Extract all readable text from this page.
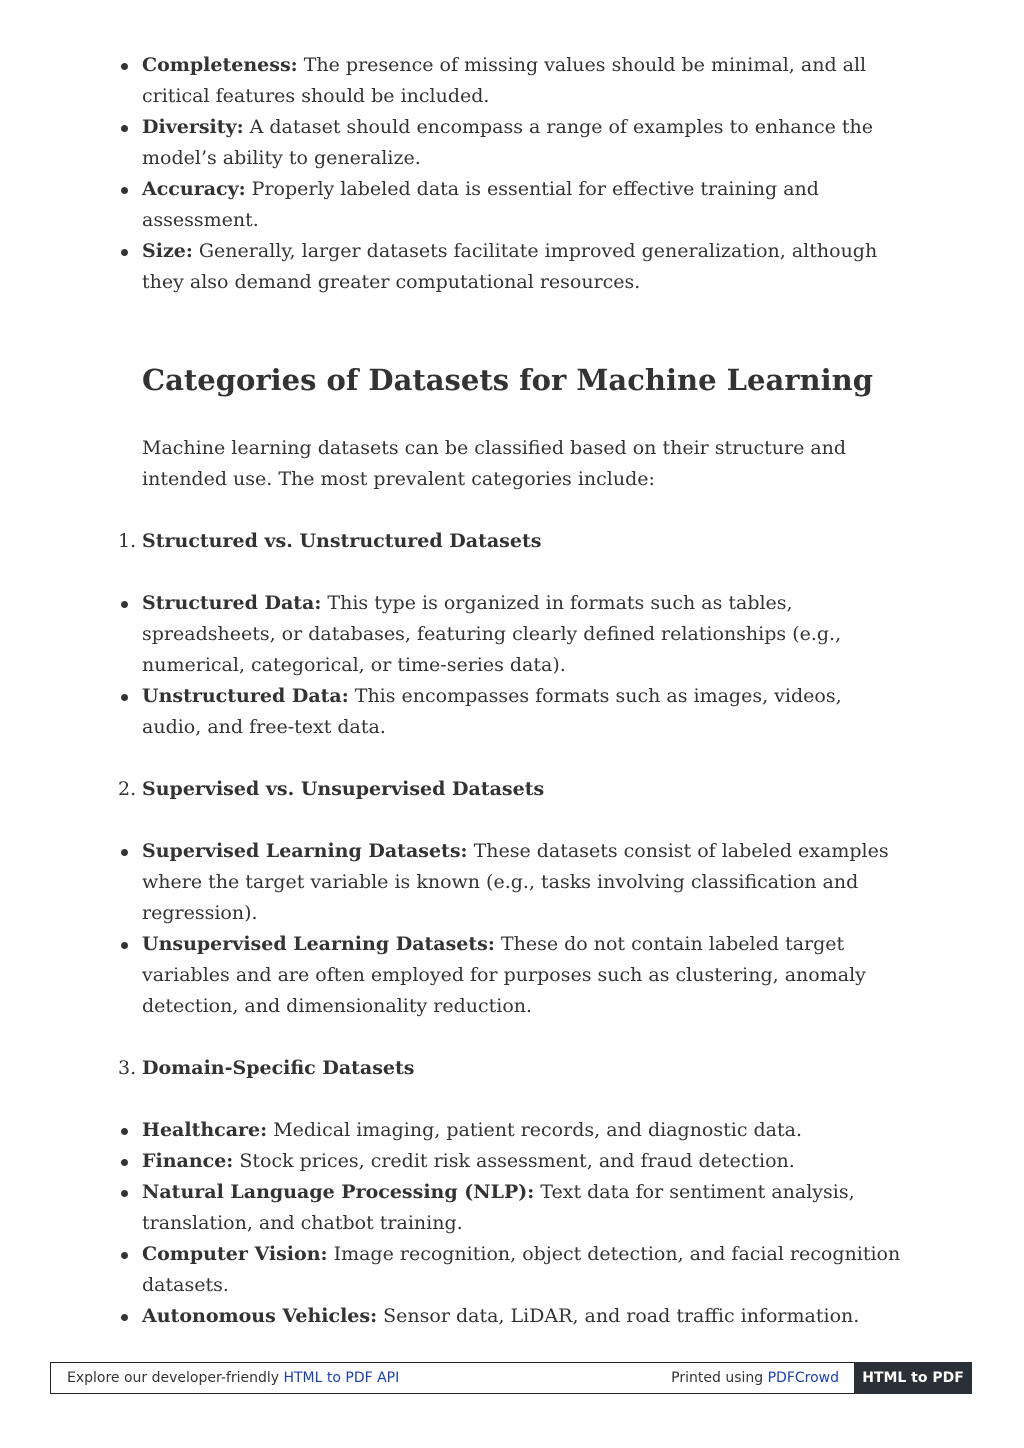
Completeness: The presence of missing values should be minimal, and all critical features should be included.
Diversity: A dataset should encompass a range of examples to enhance the model’s ability to generalize.
Accuracy: Properly labeled data is essential for effective training and assessment.
Size: Generally, larger datasets facilitate improved generalization, although they also demand greater computational resources.
Categories of Datasets for Machine Learning

Machine learning datasets can be classified based on their structure and intended use. The most prevalent categories include:

1. Structured vs. Unstructured Datasets
Structured Data: This type is organized in formats such as tables, spreadsheets, or databases, featuring clearly defined relationships (e.g., numerical, categorical, or time-series data).
Unstructured Data: This encompasses formats such as images, videos, audio, and free-text data.
2. Supervised vs. Unsupervised Datasets
Supervised Learning Datasets: These datasets consist of labeled examples where the target variable is known (e.g., tasks involving classification and regression).
Unsupervised Learning Datasets: These do not contain labeled target variables and are often employed for purposes such as clustering, anomaly detection, and dimensionality reduction.
3. Domain-Specific Datasets
Healthcare: Medical imaging, patient records, and diagnostic data.
Finance: Stock prices, credit risk assessment, and fraud detection.
Natural Language Processing (NLP): Text data for sentiment analysis, translation, and chatbot training.
Computer Vision: Image recognition, object detection, and facial recognition datasets.
Autonomous Vehicles: Sensor data, LiDAR, and road traffic information.
Explore our developer-friendly HTML to PDF API	Printed using PDFCrowd	HTML to PDF
